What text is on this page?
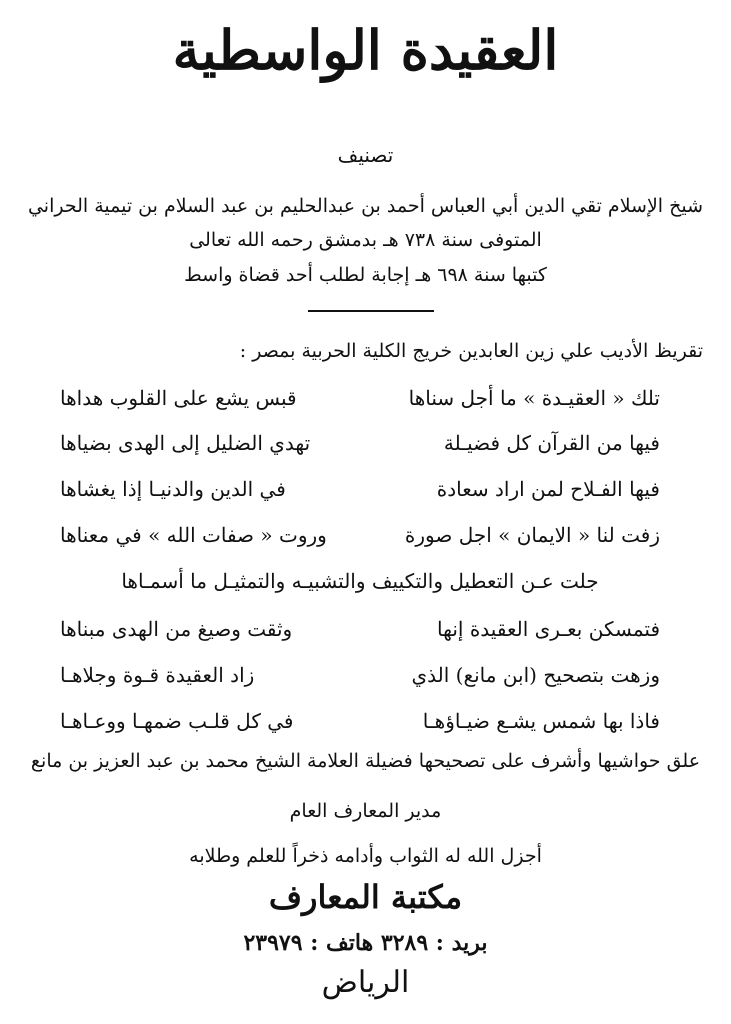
العقيدة الواسطية
تصنيف
شيخ الإسلام تقي الدين أبي العباس أحمد بن عبدالحليم بن عبد السلام بن تيمية الحراني
المتوفى سنة ٧٣٨ هـ بدمشق رحمه الله تعالى
كتبها سنة ٦٩٨ هـ إجابة لطلب أحد قضاة واسط
تقريظ الأديب علي زين العابدين خريج الكلية الحربية بمصر :
تلك « العقيـدة » ما أجل سناها
قبس يشع على القلوب هداها
فيها من القرآن كل فضيـلة
تهدي الضليل إلى الهدى بضياها
فيها الفـلاح لمن اراد سعادة
في الدين والدنيـا إذا يغشاها
زفت لنا « الايمان » اجل صورة
وروت « صفات الله » في معناها
جلت عـن التعطيل والتكييف والتشبيـه والتمثيـل ما أسمـاها
فتمسكن بعـرى العقيدة إنها
وثقت وصيغ من الهدى مبناها
وزهت بتصحيح (ابن مانع) الذي
زاد العقيدة قـوة وجلاهـا
فاذا بها شمس يشـع ضيـاؤهـا
في كل قلـب ضمهـا ووعـاهـا
علق حواشيها وأشرف على تصحيحها فضيلة العلامة الشيخ محمد بن عبد العزيز بن مانع
مدير المعارف العام
أجزل الله له الثواب وأدامه ذخراً للعلم وطلابه
مكتبة المعارف
بريد : ٣٢٨٩ هاتف : ٢٣٩٧٩
الرياض
